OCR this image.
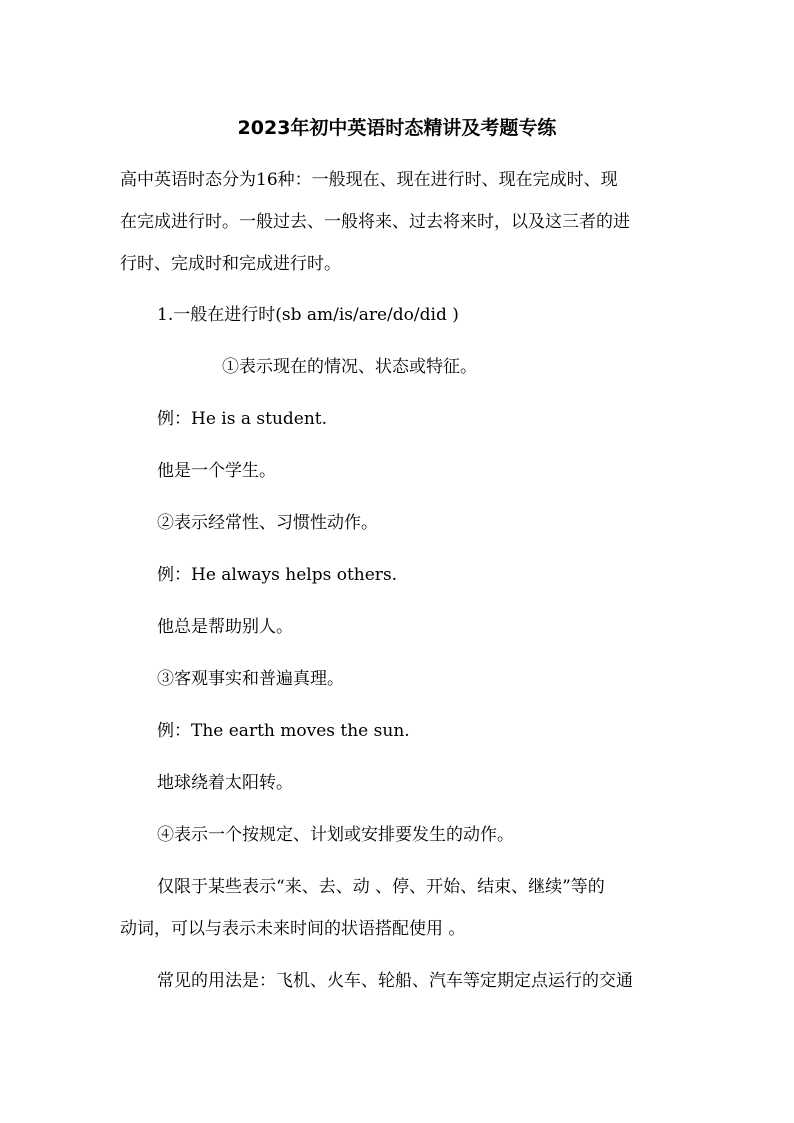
2023年初中英语时态精讲及考题专练
高中英语时态分为16种：一般现在、现在进行时、现在完成时、现
在完成进行时。一般过去、一般将来、过去将来时，以及这三者的进
行时、完成时和完成进行时。
1.一般在进行时(sb am/is/are/do/did )
①表示现在的情况、状态或特征。
例：He is a student.
他是一个学生。
②表示经常性、习惯性动作。
例：He always helps others.
他总是帮助别人。
③客观事实和普遍真理。
例：The earth moves the sun.
地球绕着太阳转。
④表示一个按规定、计划或安排要发生的动作。
仅限于某些表示“来、去、动 、停、开始、结束、继续”等的
动词，可以与表示未来时间的状语搭配使用 。
常见的用法是：飞机、火车、轮船、汽车等定期定点运行的交通
